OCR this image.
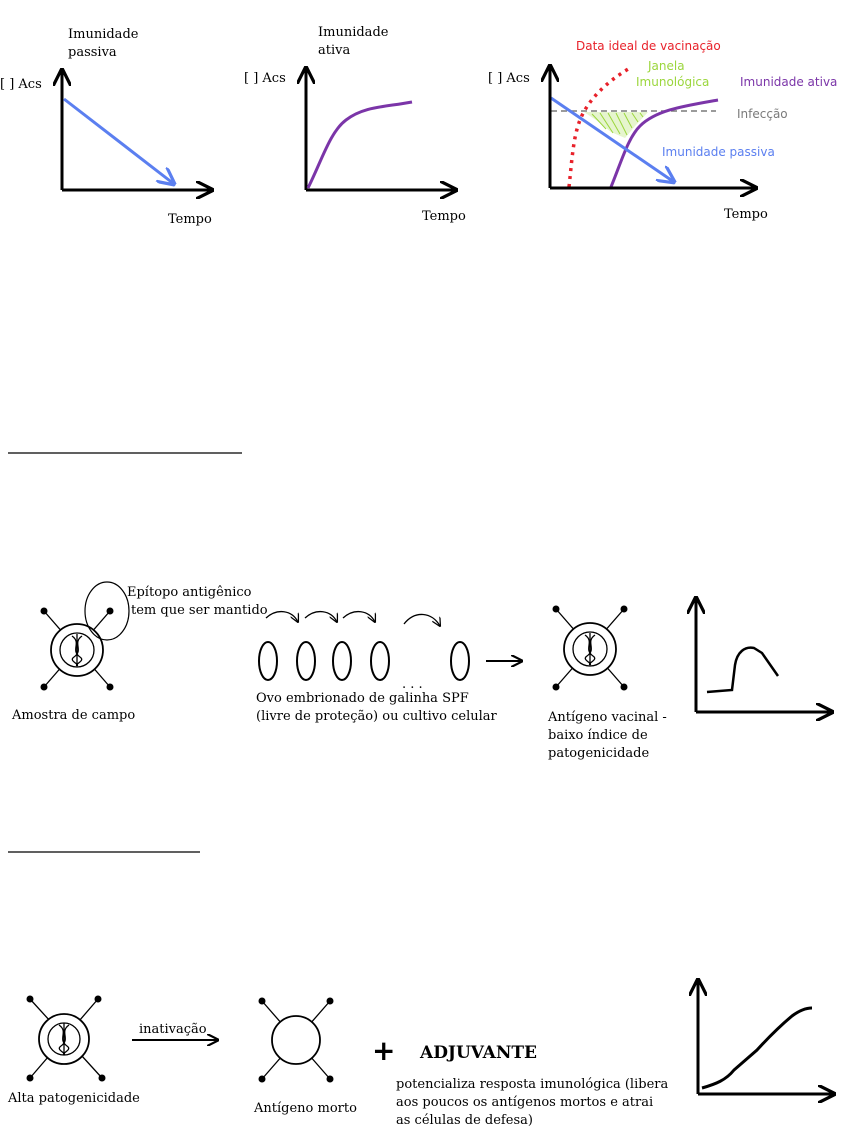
Imunidade
passiva
[ ] Acs
Tempo
Imunidade
ativa
[ ] Acs
Tempo
Data ideal de vacinação
Janela
Imunológica	Imunidade ativa
[ ] Acs
Infecção
Imunidade passiva
Tempo
Epítopo antigênico
tem que ser mantido
Amostra de campo
. . .
Ovo embrionado de galinha SPF
(livre de proteção) ou cultivo celular	Antígeno vacinal -
baixo índice de
patogenicidade
Alta patogenicidade
inativação
Antígeno morto
+ ADJUVANTE
potencializa resposta imunológica (libera
aos poucos os antígenos mortos e atrai
as células de defesa)
